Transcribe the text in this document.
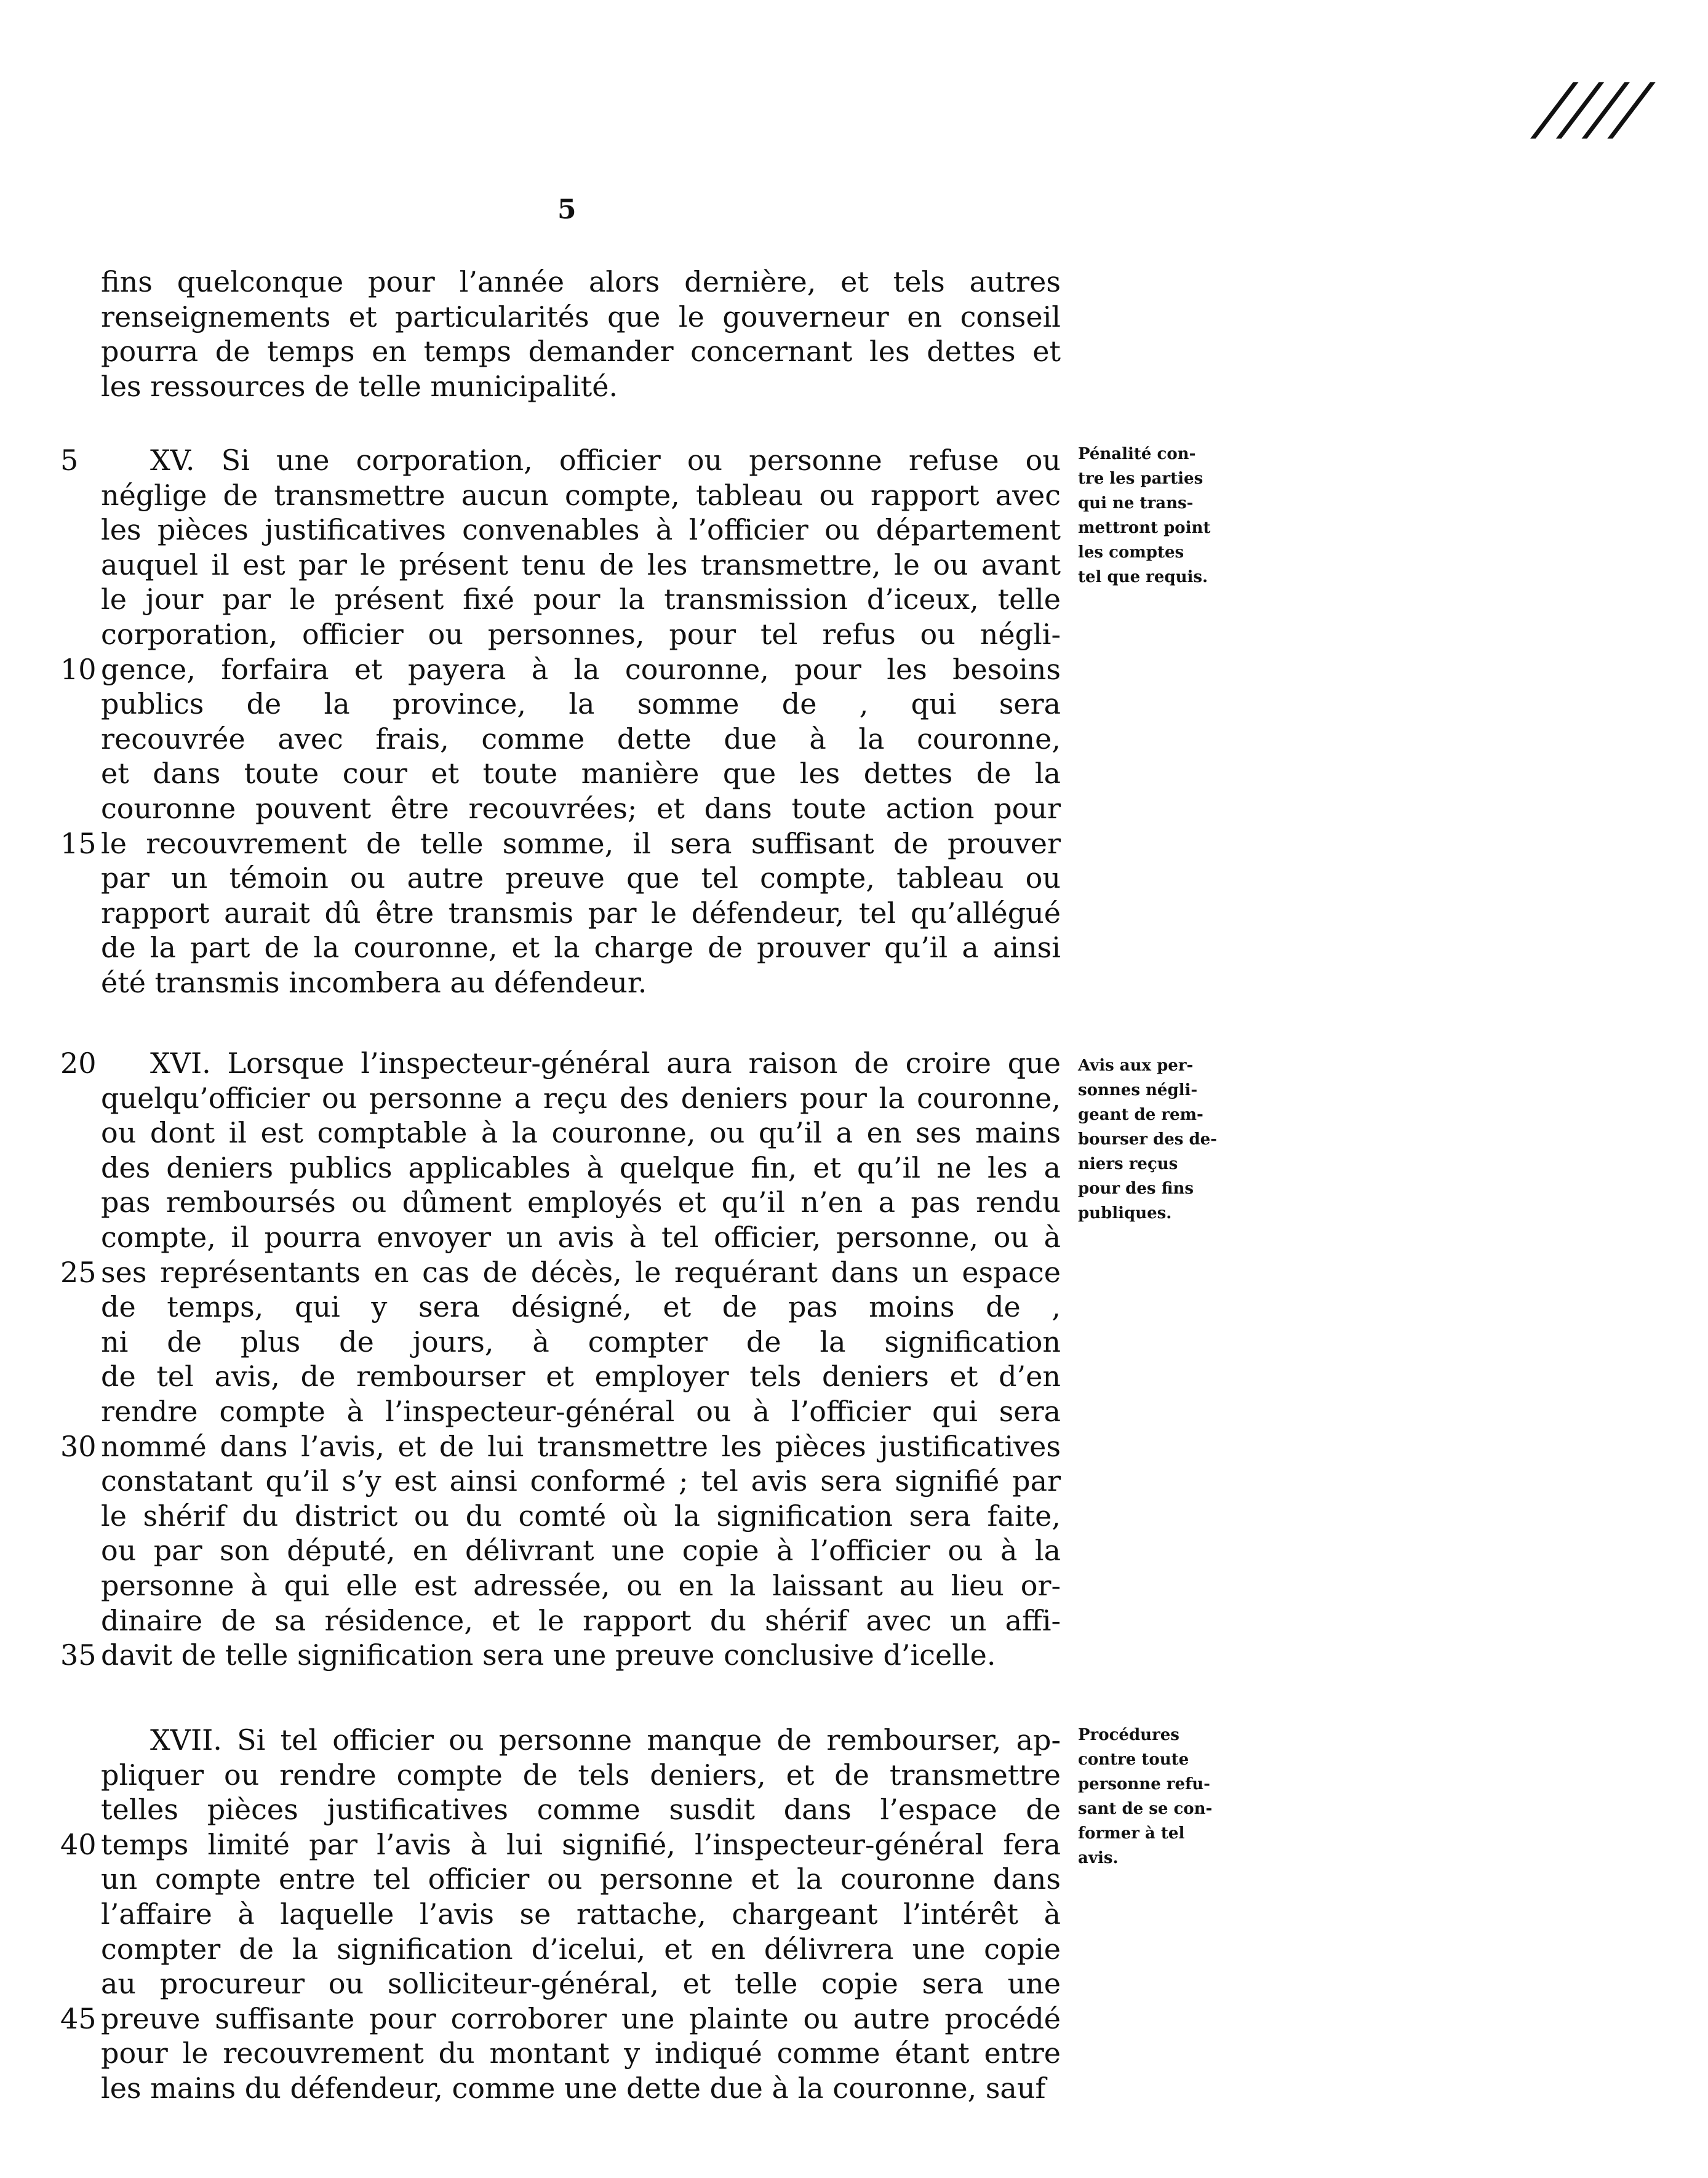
////
5
fins quelconque pour l’année alors dernière, et tels autres
renseignements et particularités que le gouverneur en conseil
pourra de temps en temps demander concernant les dettes et
les ressources de telle municipalité.
5	XV. Si une corporation, officier ou personne refuse ou
néglige de transmettre aucun compte, tableau ou rapport avec
les pièces justificatives convenables à l’officier ou département
auquel il est par le présent tenu de les transmettre, le ou avant
le jour par le présent fixé pour la transmission d’iceux, telle
corporation, officier ou personnes, pour tel refus ou négli-
10 gence, forfaira et payera à la couronne, pour les besoins
publics de la province, la somme de , qui sera
recouvrée avec frais, comme dette due à la couronne,
et dans toute cour et toute manière que les dettes de la
couronne pouvent être recouvrées; et dans toute action pour
15 le recouvrement de telle somme, il sera suffisant de prouver
par un témoin ou autre preuve que tel compte, tableau ou
rapport aurait dû être transmis par le défendeur, tel qu’allégué
de la part de la couronne, et la charge de prouver qu’il a ainsi
été transmis incombera au défendeur.
20	XVI. Lorsque l’inspecteur-général aura raison de croire que
quelqu’officier ou personne a reçu des deniers pour la couronne,
ou dont il est comptable à la couronne, ou qu’il a en ses mains
des deniers publics applicables à quelque fin, et qu’il ne les a
pas remboursés ou dûment employés et qu’il n’en a pas rendu
compte, il pourra envoyer un avis à tel officier, personne, ou à
25 ses représentants en cas de décès, le requérant dans un espace
de temps, qui y sera désigné, et de pas moins de ,
ni de plus de jours, à compter de la signification
de tel avis, de rembourser et employer tels deniers et d’en
rendre compte à l’inspecteur-général ou à l’officier qui sera
30 nommé dans l’avis, et de lui transmettre les pièces justificatives
constatant qu’il s’y est ainsi conformé ; tel avis sera signifié par
le shérif du district ou du comté où la signification sera faite,
ou par son député, en délivrant une copie à l’officier ou à la
personne à qui elle est adressée, ou en la laissant au lieu or-
dinaire de sa résidence, et le rapport du shérif avec un affi-
35 davit de telle signification sera une preuve conclusive d’icelle.
XVII. Si tel officier ou personne manque de rembourser, ap-
pliquer ou rendre compte de tels deniers, et de transmettre
telles pièces justificatives comme susdit dans l’espace de
40 temps limité par l’avis à lui signifié, l’inspecteur-général fera
un compte entre tel officier ou personne et la couronne dans
l’affaire à laquelle l’avis se rattache, chargeant l’intérêt à
compter de la signification d’icelui, et en délivrera une copie
au procureur ou solliciteur-général, et telle copie sera une
45 preuve suffisante pour corroborer une plainte ou autre procédé
pour le recouvrement du montant y indiqué comme étant entre
les mains du défendeur, comme une dette due à la couronne, sauf
Pénalité con-
tre les parties
qui ne trans-
mettront point
les comptes
tel que requis.
Avis aux per-
sonnes négli-
geant de rem-
bourser des de-
niers reçus
pour des fins
publiques.
Procédures
contre toute
personne refu-
sant de se con-
former à tel
avis.
